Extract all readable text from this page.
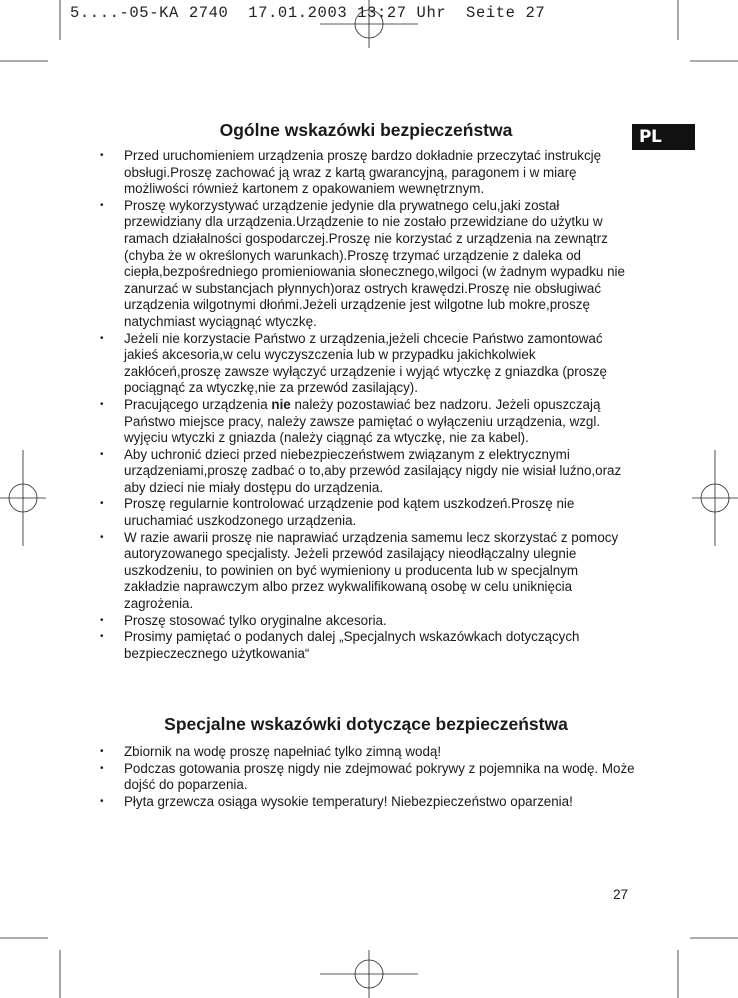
5....-05-KA 2740  17.01.2003 13:27 Uhr  Seite 27
PL
Ogólne wskazówki bezpieczeństwa
• Przed uruchomieniem urządzenia proszę bardzo dokładnie przeczytać instrukcję obsługi.Proszę zachować ją wraz z kartą gwarancyjną, paragonem i w miarę możliwości również kartonem z opakowaniem wewnętrznym.
• Proszę wykorzystywać urządzenie jedynie dla prywatnego celu,jaki został przewidziany dla urządzenia.Urządzenie to nie zostało przewidziane do użytku w ramach działalności gospodarczej.Proszę nie korzystać z urządzenia na zewnątrz (chyba że w określonych warunkach).Proszę trzymać urządzenie z daleka od ciepła,bezpośredniego promieniowania słonecznego,wilgoci (w żadnym wypadku nie zanurzać w substancjach płynnych)oraz ostrych krawędzi.Proszę nie obsługiwać urządzenia wilgotnymi dłońmi.Jeżeli urządzenie jest wilgotne lub mokre,proszę natychmiast wyciągnąć wtyczkę.
• Jeżeli nie korzystacie Państwo z urządzenia,jeżeli chcecie Państwo zamontować jakieś akcesoria,w celu wyczyszczenia lub w przypadku jakichkolwiek zakłóceń,proszę zawsze wyłączyć urządzenie i wyjąć wtyczkę z gniazdka (proszę pociągnąć za wtyczkę,nie za przewód zasilający).
• Pracującego urządzenia nie należy pozostawiać bez nadzoru. Jeżeli opuszczają Państwo miejsce pracy, należy zawsze pamiętać o wyłączeniu urządzenia, wzgl. wyjęciu wtyczki z gniazda (należy ciągnąć za wtyczkę, nie za kabel).
• Aby uchronić dzieci przed niebezpieczeństwem związanym z elektrycznymi urządzeniami,proszę zadbać o to,aby przewód zasilający nigdy nie wisiał luźno,oraz aby dzieci nie miały dostępu do urządzenia.
• Proszę regularnie kontrolować urządzenie pod kątem uszkodzeń.Proszę nie uruchamiać uszkodzonego urządzenia.
• W razie awarii proszę nie naprawiać urządzenia samemu lecz skorzystać z pomocy autoryzowanego specjalisty. Jeżeli przewód zasilający nieodłączalny ulegnie uszkodzeniu, to powinien on być wymieniony u producenta lub w specjalnym zakładzie naprawczym albo przez wykwalifikowaną osobę w celu uniknięcia zagrożenia.
• Proszę stosować tylko oryginalne akcesoria.
• Prosimy pamiętać o podanych dalej „Specjalnych wskazówkach dotyczących bezpieczecznego użytkowania“
Specjalne wskazówki dotyczące bezpieczeństwa
• Zbiornik na wodę proszę napełniać tylko zimną wodą!
• Podczas gotowania proszę nigdy nie zdejmować pokrywy z pojemnika na wodę. Może dojść do poparzenia.
• Płyta grzewcza osiąga wysokie temperatury! Niebezpieczeństwo oparzenia!
27
